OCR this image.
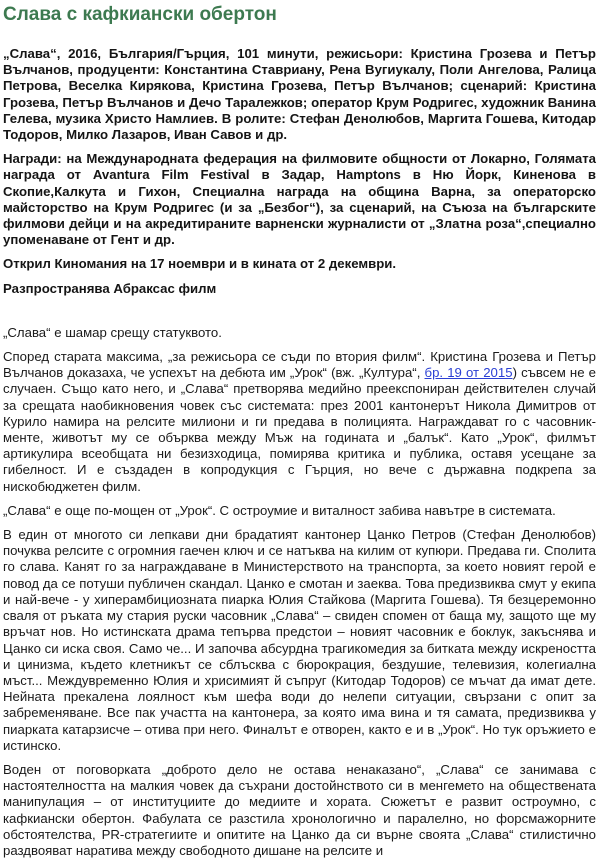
Слава с кафкиански обертон

„Слава“, 2016, България/Гърция, 101 минути, режисьори: Кристина Грозева и Петър Вълчанов, продуценти: Константина Ставриану, Рена Вугиукалу, Поли Ангелова, Ралица Петрова, Веселка Кирякова, Кристина Грозева, Петър Вълчанов; сценарий: Кристина Грозева, Петър Вълчанов и Дечо Таралежков; оператор Крум Родригес, художник Ванина Гелева, музика Христо Намлиев. В ролите: Стефан Денолюбов, Маргита Гошева, Китодар Тодоров, Милко Лазаров, Иван Савов и др.

Награди: на Международната федерация на филмовите общности от Локарно, Голямата награда от Avantura Film Festival в Задар, Hamptons в Ню Йорк, Киненова в Скопие,Калкута и Гихон, Специална награда на община Варна, за операторско майсторство на Крум Родригес (и за „Безбог“), за сценарий, на Съюза на българските филмови дейци и на акредитираните варненски журналисти от „Златна роза“,специално упоменаване от Гент и др.

Открил Киномания на 17 ноември и в кината от 2 декември.

Разпространява Абраксас филм

„Слава“ е шамар срещу статуквото.

Според старата максима, „за режисьора се съди по втория филм“. Кристина Грозева и Петър Вълчанов доказаха, че успехът на дебюта им „Урок“ (вж. „Култура“, бр. 19 от 2015) съвсем не е случаен. Също като него, и „Слава“ претворява медийно преекспониран действителен случай за срещата наобикновения човек със системата: през 2001 кантонерът Никола Димитров от Курило намира на релсите милиони и ги предава в полицията. Награждават го с часовник-менте, животът му се обърква между Мъж на годината и „балък“. Като „Урок“, филмът артикулира всеобщата ни безизходица, помирява критика и публика, оставя усещане за гибелност. И е създаден в копродукция с Гърция, но вече с държавна подкрепа за нискобюджетен филм.

„Слава“ е още по-мощен от „Урок“. С остроумие и виталност забива навътре в системата.

В един от многото си лепкави дни брадатият кантонер Цанко Петров (Стефан Денолюбов) почуква релсите с огромния гаечен ключ и се натъква на килим от купюри. Предава ги. Сполита го слава. Канят го за награждаване в Министерството на транспорта, за което новият герой е повод да се потуши публичен скандал. Цанко е смотан и заеква. Това предизвиква смут у екипа и най-вече - у хиперамбициозната пиарка Юлия Стайкова (Маргита Гошева). Тя безцеремонно сваля от ръката му стария руски часовник „Слава“ – свиден спомен от баща му, защото ще му връчат нов. Но истинската драма тепърва предстои – новият часовник е боклук, закъснява и Цанко си иска своя. Само че... И започва абсурдна трагикомедия за битката между искреността и цинизма, където клетникът се сблъсква с бюрокрация, бездушие, телевизия, колегиална мъст... Междувременно Юлия и хрисимият й съпруг (Китодар Тодоров) се мъчат да имат дете. Нейната прекалена лоялност към шефа води до нелепи ситуации, свързани с опит за забременяване. Все пак участта на кантонера, за която има вина и тя самата, предизвиква у пиарката катарзисче – отива при него. Финалът е отворен, както е и в „Урок“. Но тук оръжието е истинско.

Воден от поговорката „доброто дело не остава ненаказано“, „Слава“ се занимава с настоятелността на малкия човек да съхрани достойнството си в менгемето на обществената манипулация – от институциите до медиите и хората. Сюжетът е развит остроумно, с кафкиански обертон. Фабулата се разстила хронологично и паралелно, но форсмажорните обстоятелства, PR-стратегиите и опитите на Цанко да си върне своята „Слава“ стилистично раздвояват наратива между свободното дишане на релсите и
